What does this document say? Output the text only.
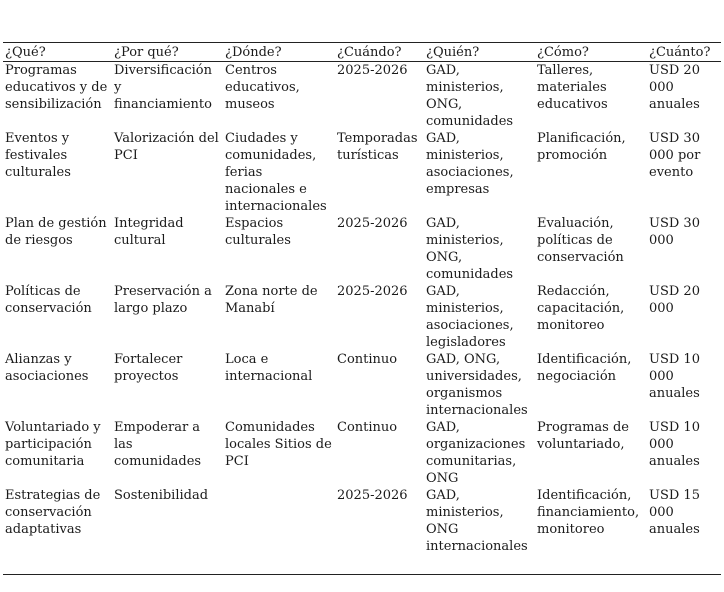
¿Qué?	¿Por qué?	¿Dónde?	¿Cuándo?	¿Quién?	¿Cómo?	¿Cuánto?
Programas educativos y de sensibilización	Diversificación y financiamiento	Centros educativos, museos	2025-2026	GAD, ministerios, ONG, comunidades	Talleres, materiales educativos	USD 20 000 anuales
Eventos y festivales culturales	Valorización del PCI	Ciudades y comunidades, ferias nacionales e internacionales	Temporadas turísticas	GAD, ministerios, asociaciones, empresas	Planificación, promoción	USD 30 000 por evento
Plan de gestión de riesgos	Integridad cultural	Espacios culturales	2025-2026	GAD, ministerios, ONG, comunidades	Evaluación, políticas de conservación	USD 30 000
Políticas de conservación	Preservación a largo plazo	Zona norte de Manabí	2025-2026	GAD, ministerios, asociaciones, legisladores	Redacción, capacitación, monitoreo	USD 20 000
Alianzas y asociaciones	Fortalecer proyectos	Loca e internacional	Continuo	GAD, ONG, universidades, organismos internacionales	Identificación, negociación	USD 10 000 anuales
Voluntariado y participación comunitaria	Empoderar a las comunidades	Comunidades locales Sitios de PCI	Continuo	GAD, organizaciones comunitarias, ONG	Programas de voluntariado,	USD 10 000 anuales
Estrategias de conservación adaptativas	Sostenibilidad		2025-2026	GAD, ministerios, ONG internacionales	Identificación, financiamiento, monitoreo	USD 15 000 anuales
